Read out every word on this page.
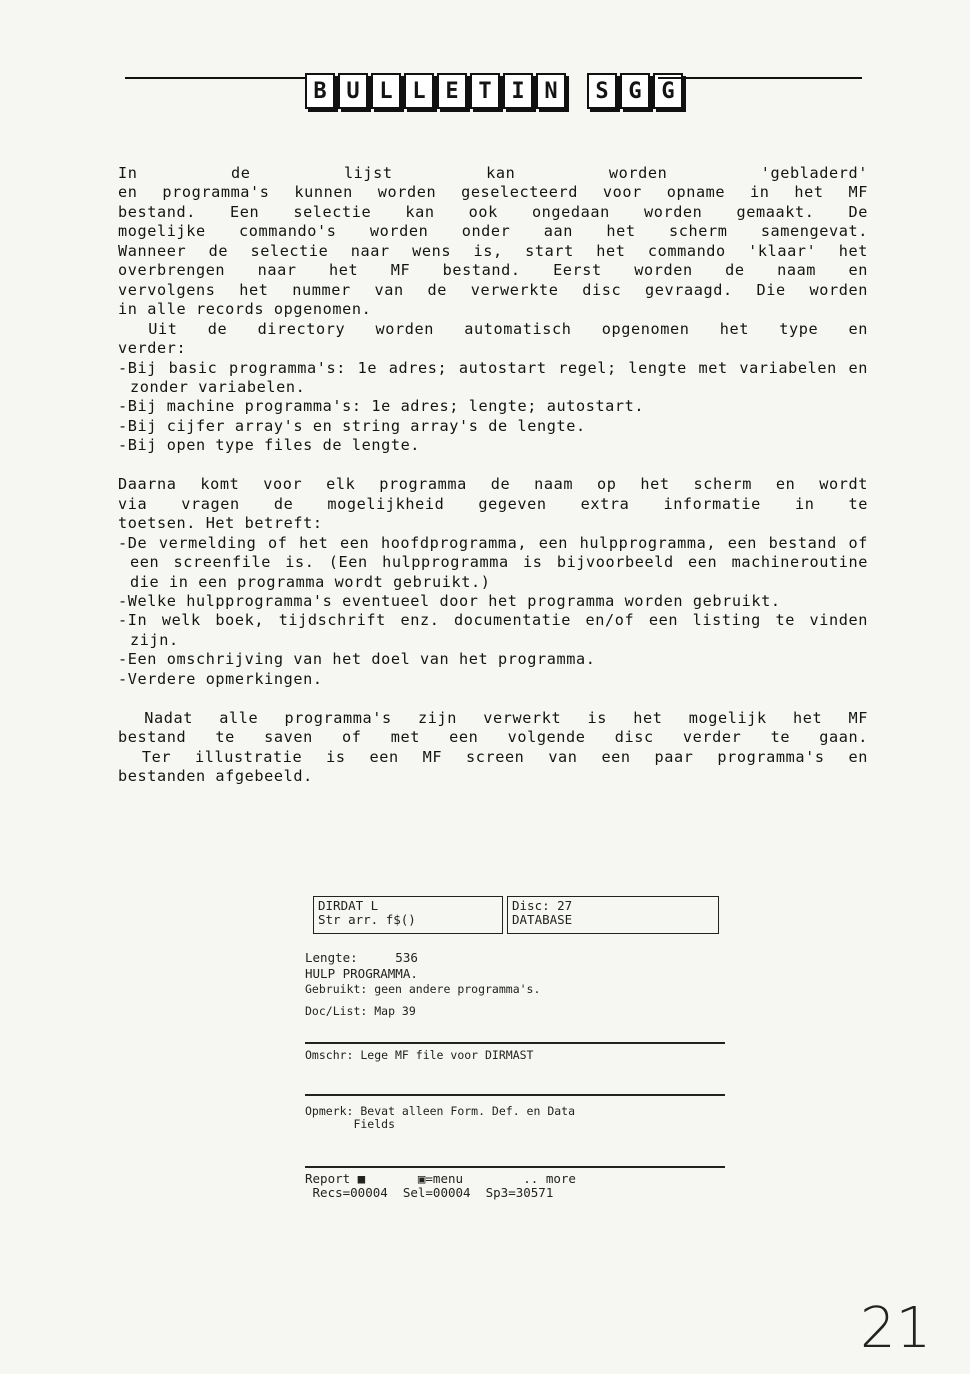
B U L L E T I N	S G G

In de lijst kan worden 'gebladerd'

en programma's kunnen worden geselecteerd voor opname in het MF

bestand. Een selectie kan ook ongedaan worden gemaakt. De

mogelijke commando's worden onder aan het scherm samengevat.

Wanneer de selectie naar wens is, start het commando 'klaar' het

overbrengen naar het MF bestand. Eerst worden de naam en

vervolgens het nummer van de verwerkte disc gevraagd. Die worden

in alle records opgenomen.

Uit de directory worden automatisch opgenomen het type en

verder:

-Bij basic programma's: 1e adres; autostart regel; lengte met variabelen en zonder variabelen.

-Bij machine programma's: 1e adres; lengte; autostart.

-Bij cijfer array's en string array's de lengte.

-Bij open type files de lengte.

Daarna komt voor elk programma de naam op het scherm en wordt

via vragen de mogelijkheid gegeven extra informatie in te

toetsen. Het betreft:

-De vermelding of het een hoofdprogramma, een hulpprogramma, een bestand of een screenfile is. (Een hulpprogramma is bijvoorbeeld een machineroutine die in een programma wordt gebruikt.)

-Welke hulpprogramma's eventueel door het programma worden gebruikt.

-In welk boek, tijdschrift enz. documentatie en/of een listing te vinden zijn.

-Een omschrijving van het doel van het programma.

-Verdere opmerkingen.

Nadat alle programma's zijn verwerkt is het mogelijk het MF

bestand te saven of met een volgende disc verder te gaan.

Ter illustratie is een MF screen van een paar programma's en

bestanden afgebeeld.

DIRDAT L
Str arr. f$()
Disc: 27
DATABASE
Lengte:     536
HULP PROGRAMMA.
Gebruikt: geen andere programma's.
Doc/List: Map 39
Omschr: Lege MF file voor DIRMAST
Opmerk: Bevat alleen Form. Def. en Data
Fields
Report ■       ▣=menu        .. more
Recs=00004  Sel=00004  Sp3=30571
21
